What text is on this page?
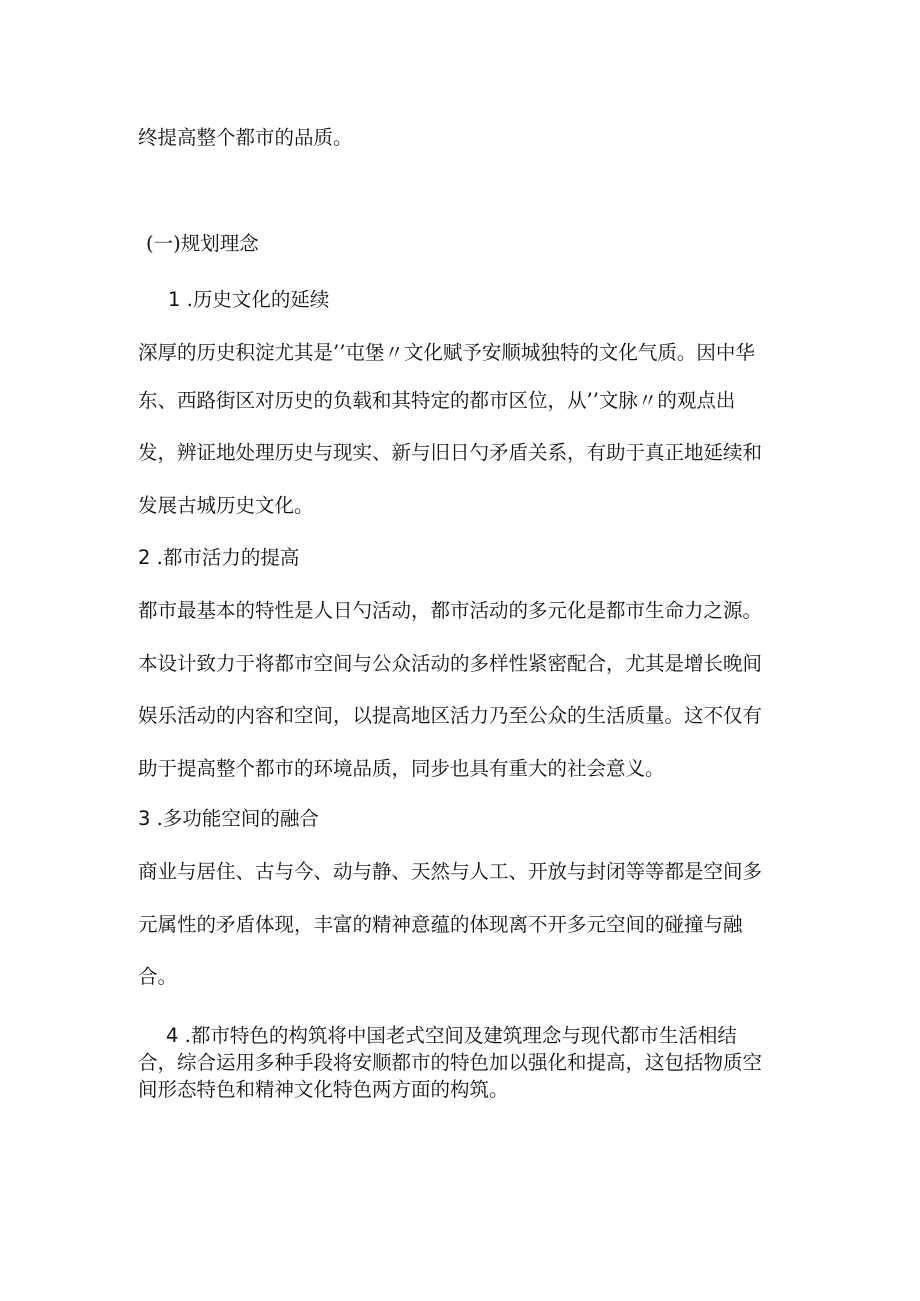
终提高整个都市的品质。

(一)规划理念

1 .历史文化的延续

深厚的历史积淀尤其是’’屯堡〃文化赋予安顺城独特的文化气质。因中华

东、西路街区对历史的负载和其特定的都市区位，从’’文脉〃的观点出

发，辨证地处理历史与现实、新与旧日勺矛盾关系，有助于真正地延续和

发展古城历史文化。

2 .都市活力的提高

都市最基本的特性是人日勺活动，都市活动的多元化是都市生命力之源。

本设计致力于将都市空间与公众活动的多样性紧密配合，尤其是增长晚间

娱乐活动的内容和空间，以提高地区活力乃至公众的生活质量。这不仅有

助于提高整个都市的环境品质，同步也具有重大的社会意义。

3 .多功能空间的融合

商业与居住、古与今、动与静、天然与人工、开放与封闭等等都是空间多

元属性的矛盾体现，丰富的精神意蕴的体现离不开多元空间的碰撞与融

合。

4 .都市特色的构筑将中国老式空间及建筑理念与现代都市生活相结

合，综合运用多种手段将安顺都市的特色加以强化和提高，这包括物质空

间形态特色和精神文化特色两方面的构筑。
